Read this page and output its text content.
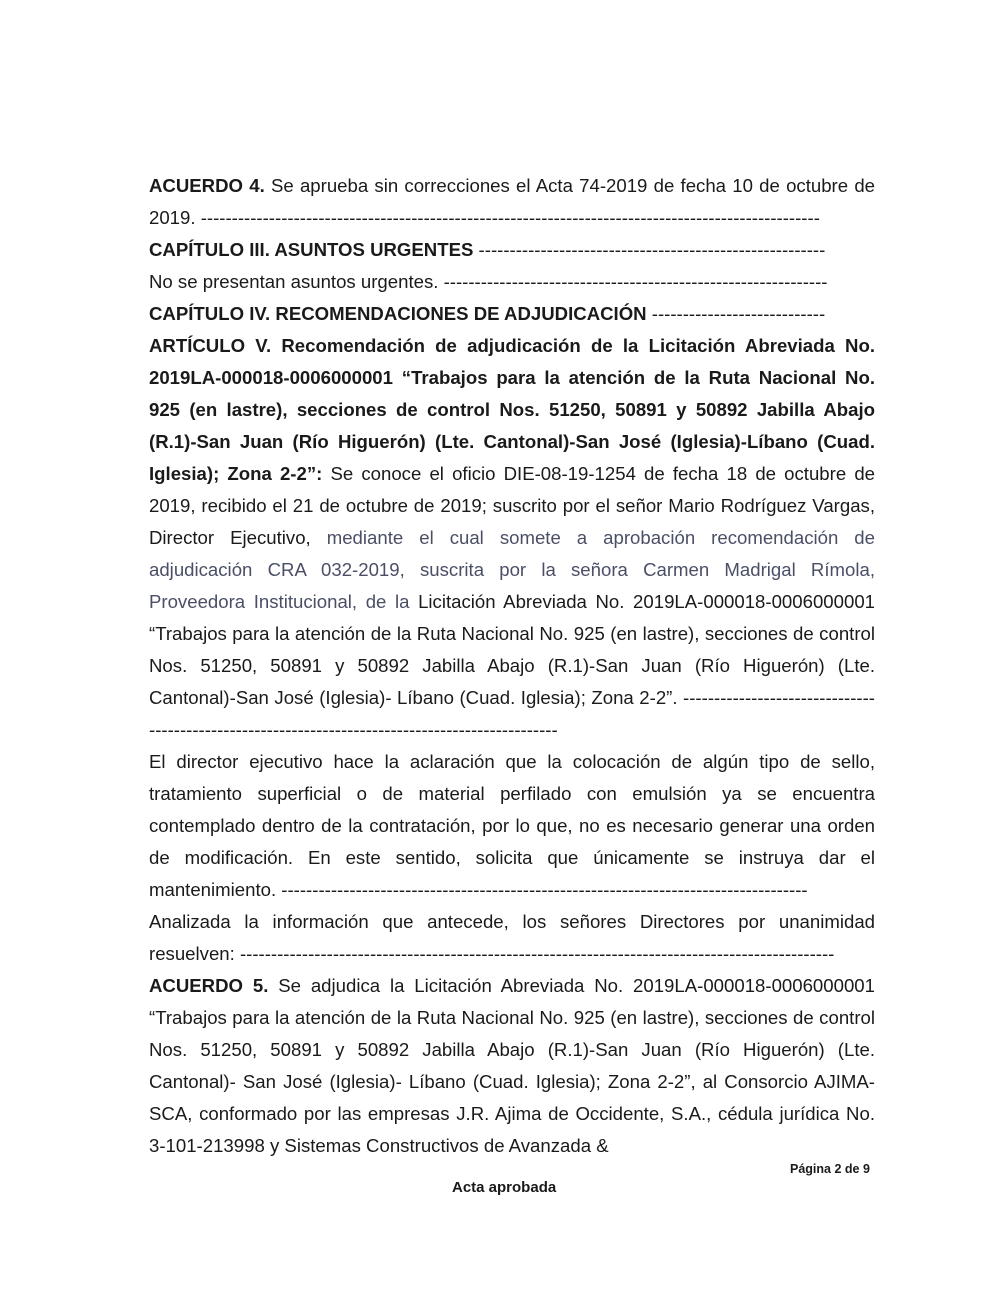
ACUERDO 4. Se aprueba sin correcciones el Acta 74-2019 de fecha 10 de octubre de 2019. ----------------------------------------------------------------------------------------------------

CAPÍTULO III. ASUNTOS URGENTES --------------------------------------------------------

No se presentan asuntos urgentes. --------------------------------------------------------------

CAPÍTULO IV. RECOMENDACIONES DE ADJUDICACIÓN ----------------------------

ARTÍCULO V. Recomendación de adjudicación de la Licitación Abreviada No. 2019LA-000018-0006000001 “Trabajos para la atención de la Ruta Nacional No. 925 (en lastre), secciones de control Nos. 51250, 50891 y 50892 Jabilla Abajo (R.1)-San Juan (Río Higuerón) (Lte. Cantonal)-San José (Iglesia)-Líbano (Cuad. Iglesia); Zona 2-2”: Se conoce el oficio DIE-08-19-1254 de fecha 18 de octubre de 2019, recibido el 21 de octubre de 2019; suscrito por el señor Mario Rodríguez Vargas, Director Ejecutivo, mediante el cual somete a aprobación recomendación de adjudicación CRA 032-2019, suscrita por la señora Carmen Madrigal Rímola, Proveedora Institucional, de la Licitación Abreviada No. 2019LA-000018-0006000001 “Trabajos para la atención de la Ruta Nacional No. 925 (en lastre), secciones de control Nos. 51250, 50891 y 50892 Jabilla Abajo (R.1)-San Juan (Río Higuerón) (Lte. Cantonal)-San José (Iglesia)- Líbano (Cuad. Iglesia); Zona 2-2”. -------------------------------------------------------------------------------------------------

El director ejecutivo hace la aclaración que la colocación de algún tipo de sello, tratamiento superficial o de material perfilado con emulsión ya se encuentra contemplado dentro de la contratación, por lo que, no es necesario generar una orden de modificación. En este sentido, solicita que únicamente se instruya dar el mantenimiento. -------------------------------------------------------------------------------------

Analizada la información que antecede, los señores Directores por unanimidad resuelven: ------------------------------------------------------------------------------------------------

ACUERDO 5. Se adjudica la Licitación Abreviada No. 2019LA-000018-0006000001 “Trabajos para la atención de la Ruta Nacional No. 925 (en lastre), secciones de control Nos. 51250, 50891 y 50892 Jabilla Abajo (R.1)-San Juan (Río Higuerón) (Lte. Cantonal)- San José (Iglesia)- Líbano (Cuad. Iglesia); Zona 2-2”, al Consorcio AJIMA-SCA, conformado por las empresas J.R. Ajima de Occidente, S.A., cédula jurídica No. 3-101-213998 y Sistemas Constructivos de Avanzada &

Página 2 de 9
Acta aprobada
